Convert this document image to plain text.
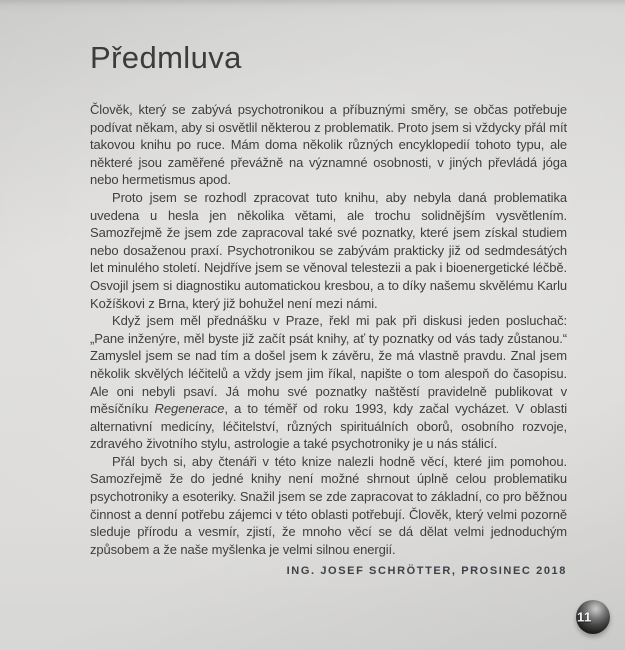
Předmluva

Člověk, který se zabývá psychotronikou a příbuznými směry, se občas potřebuje podívat někam, aby si osvětlil některou z problematik. Proto jsem si vždycky přál mít takovou knihu po ruce. Mám doma několik různých encyklopedií tohoto typu, ale některé jsou zaměřené převážně na významné osobnosti, v jiných převládá jóga nebo hermetismus apod.

Proto jsem se rozhodl zpracovat tuto knihu, aby nebyla daná problematika uvedena u hesla jen několika větami, ale trochu solidnějším vysvětlením. Samozřejmě že jsem zde zapracoval také své poznatky, které jsem získal studiem nebo dosaženou praxí. Psychotronikou se zabývám prakticky již od sedmdesátých let minulého století. Nejdříve jsem se věnoval telestezii a pak i bioenergetické léčbě. Osvojil jsem si diagnostiku automatickou kresbou, a to díky našemu skvělému Karlu Kožíškovi z Brna, který již bohužel není mezi námi.

Když jsem měl přednášku v Praze, řekl mi pak při diskusi jeden posluchač: „Pane inženýre, měl byste již začít psát knihy, ať ty poznatky od vás tady zůstanou.“ Zamyslel jsem se nad tím a došel jsem k závěru, že má vlastně pravdu. Znal jsem několik skvělých léčitelů a vždy jsem jim říkal, napište o tom alespoň do časopisu. Ale oni nebyli psaví. Já mohu své poznatky naštěstí pravidelně publikovat v měsíčníku Regenerace, a to téměř od roku 1993, kdy začal vycházet. V oblasti alternativní medicíny, léčitelství, různých spirituálních oborů, osobního rozvoje, zdravého životního stylu, astrologie a také psychotroniky je u nás stálicí.

Přál bych si, aby čtenáři v této knize nalezli hodně věcí, které jim pomohou. Samozřejmě že do jedné knihy není možné shrnout úplně celou problematiku psychotroniky a esoteriky. Snažil jsem se zde zapracovat to základní, co pro běžnou činnost a denní potřebu zájemci v této oblasti potřebují. Člověk, který velmi pozorně sleduje přírodu a vesmír, zjistí, že mnoho věcí se dá dělat velmi jednoduchým způsobem a že naše myšlenka je velmi silnou energií.

ING. JOSEF SCHRÖTTER, PROSINEC 2018
11
